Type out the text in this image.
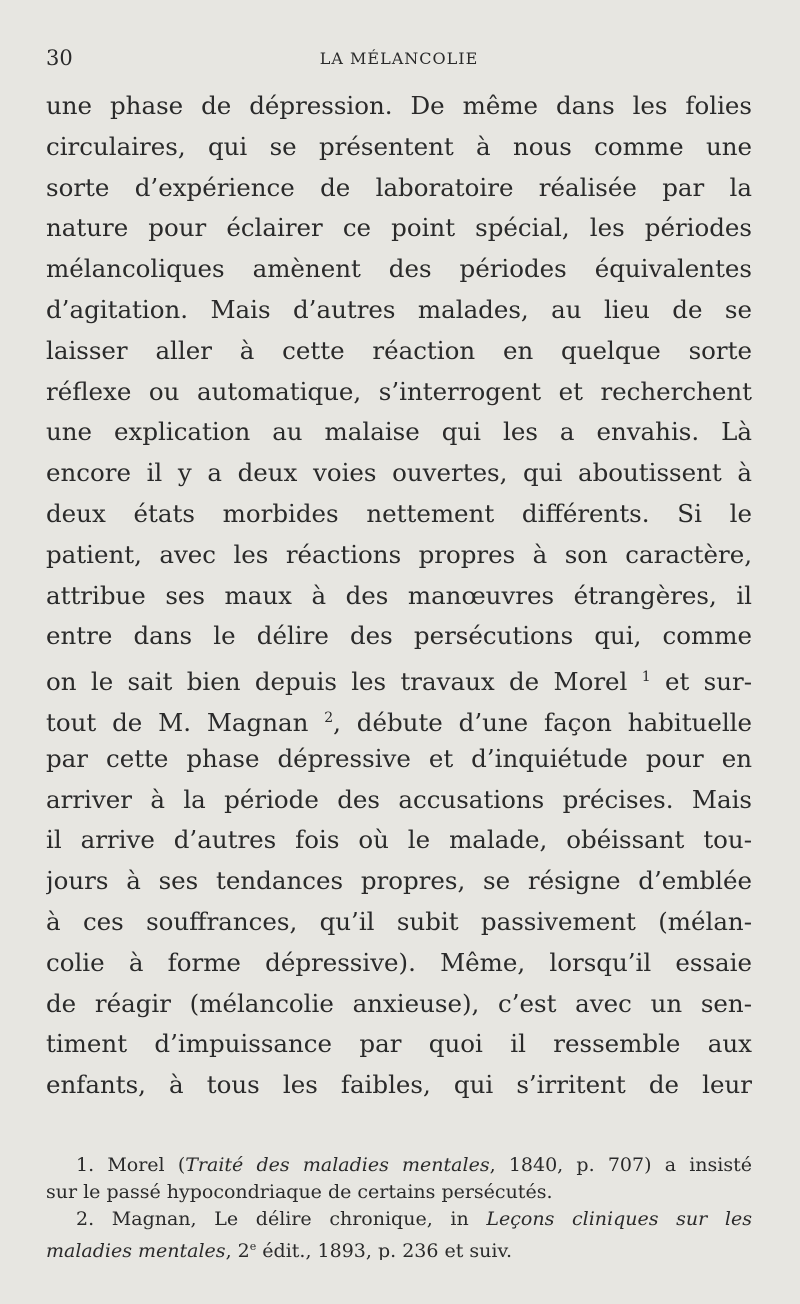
30	LA MÉLANCOLIE
une phase de dépression. De même dans les folies
circulaires, qui se présentent à nous comme une
sorte d’expérience de laboratoire réalisée par la
nature pour éclairer ce point spécial, les périodes
mélancoliques amènent des périodes équivalentes
d’agitation. Mais d’autres malades, au lieu de se
laisser aller à cette réaction en quelque sorte
réflexe ou automatique, s’interrogent et recherchent
une explication au malaise qui les a envahis. Là
encore il y a deux voies ouvertes, qui aboutissent à
deux états morbides nettement différents. Si le
patient, avec les réactions propres à son caractère,
attribue ses maux à des manœuvres étrangères, il
entre dans le délire des persécutions qui, comme
on le sait bien depuis les travaux de Morel $^1$ et sur-
tout de M. Magnan $^2$, débute d’une façon habituelle
par cette phase dépressive et d’inquiétude pour en
arriver à la période des accusations précises. Mais
il arrive d’autres fois où le malade, obéissant tou-
jours à ses tendances propres, se résigne d’emblée
à ces souffrances, qu’il subit passivement (mélan-
colie à forme dépressive). Même, lorsqu’il essaie
de réagir (mélancolie anxieuse), c’est avec un sen-
timent d’impuissance par quoi il ressemble aux
enfants, à tous les faibles, qui s’irritent de leur
1. Morel (Traité des maladies mentales, 1840, p. 707) a insisté
sur le passé hypocondriaque de certains persécutés.
2. Magnan, Le délire chronique, in Leçons cliniques sur les
maladies mentales, 2e édit., 1893, p. 236 et suiv.
